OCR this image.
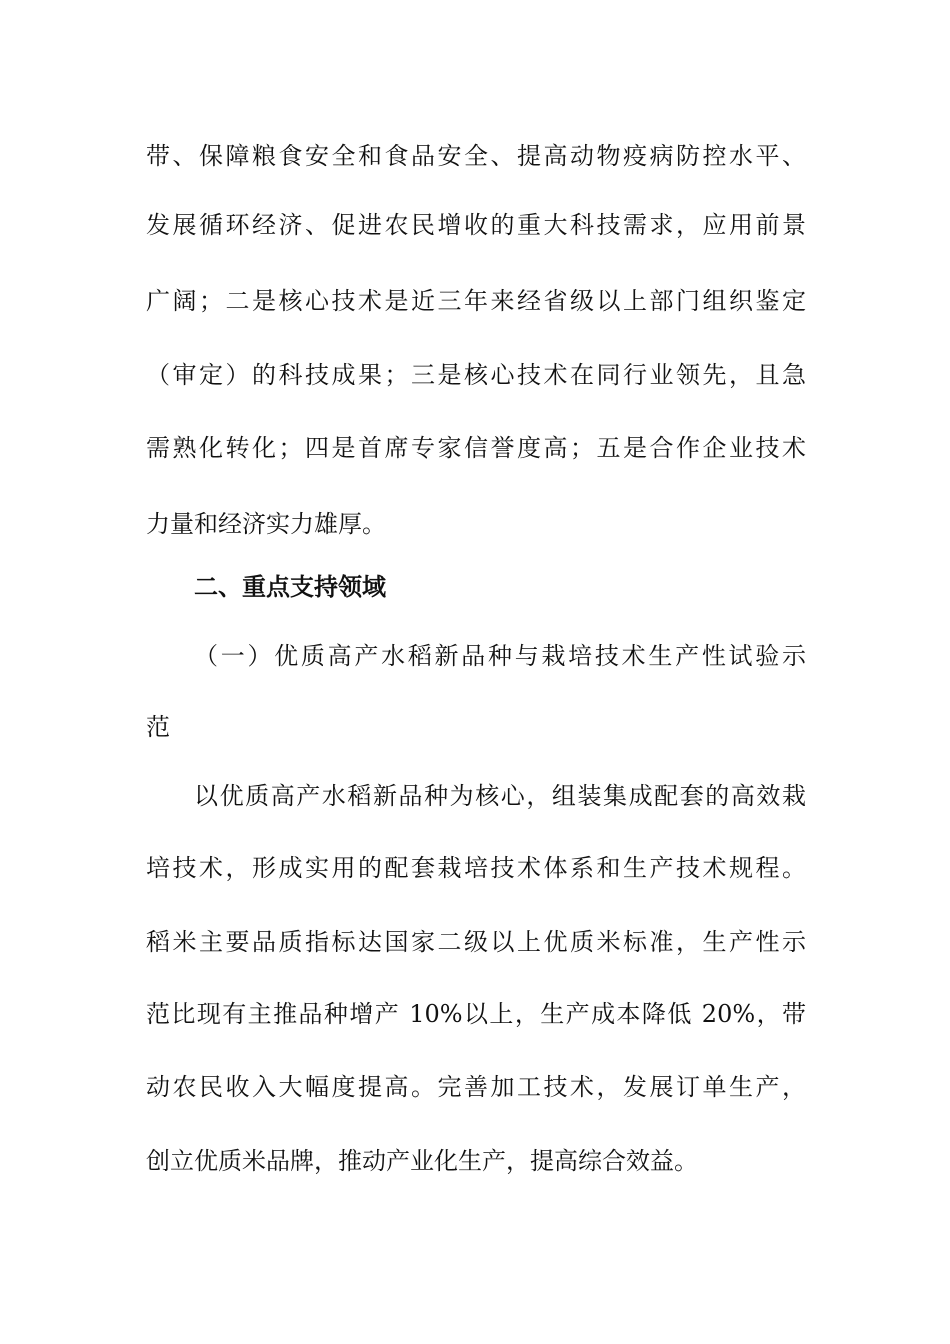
带、保障粮食安全和食品安全、提高动物疫病防控水平、
发展循环经济、促进农民增收的重大科技需求，应用前景
广阔；二是核心技术是近三年来经省级以上部门组织鉴定
（审定）的科技成果；三是核心技术在同行业领先，且急
需熟化转化；四是首席专家信誉度高；五是合作企业技术
力量和经济实力雄厚。
二、重点支持领域
（一）优质高产水稻新品种与栽培技术生产性试验示
范
以优质高产水稻新品种为核心，组装集成配套的高效栽
培技术，形成实用的配套栽培技术体系和生产技术规程。
稻米主要品质指标达国家二级以上优质米标准，生产性示
范比现有主推品种增产 10%以上，生产成本降低 20%，带
动农民收入大幅度提高。完善加工技术，发展订单生产，
创立优质米品牌，推动产业化生产，提高综合效益。
